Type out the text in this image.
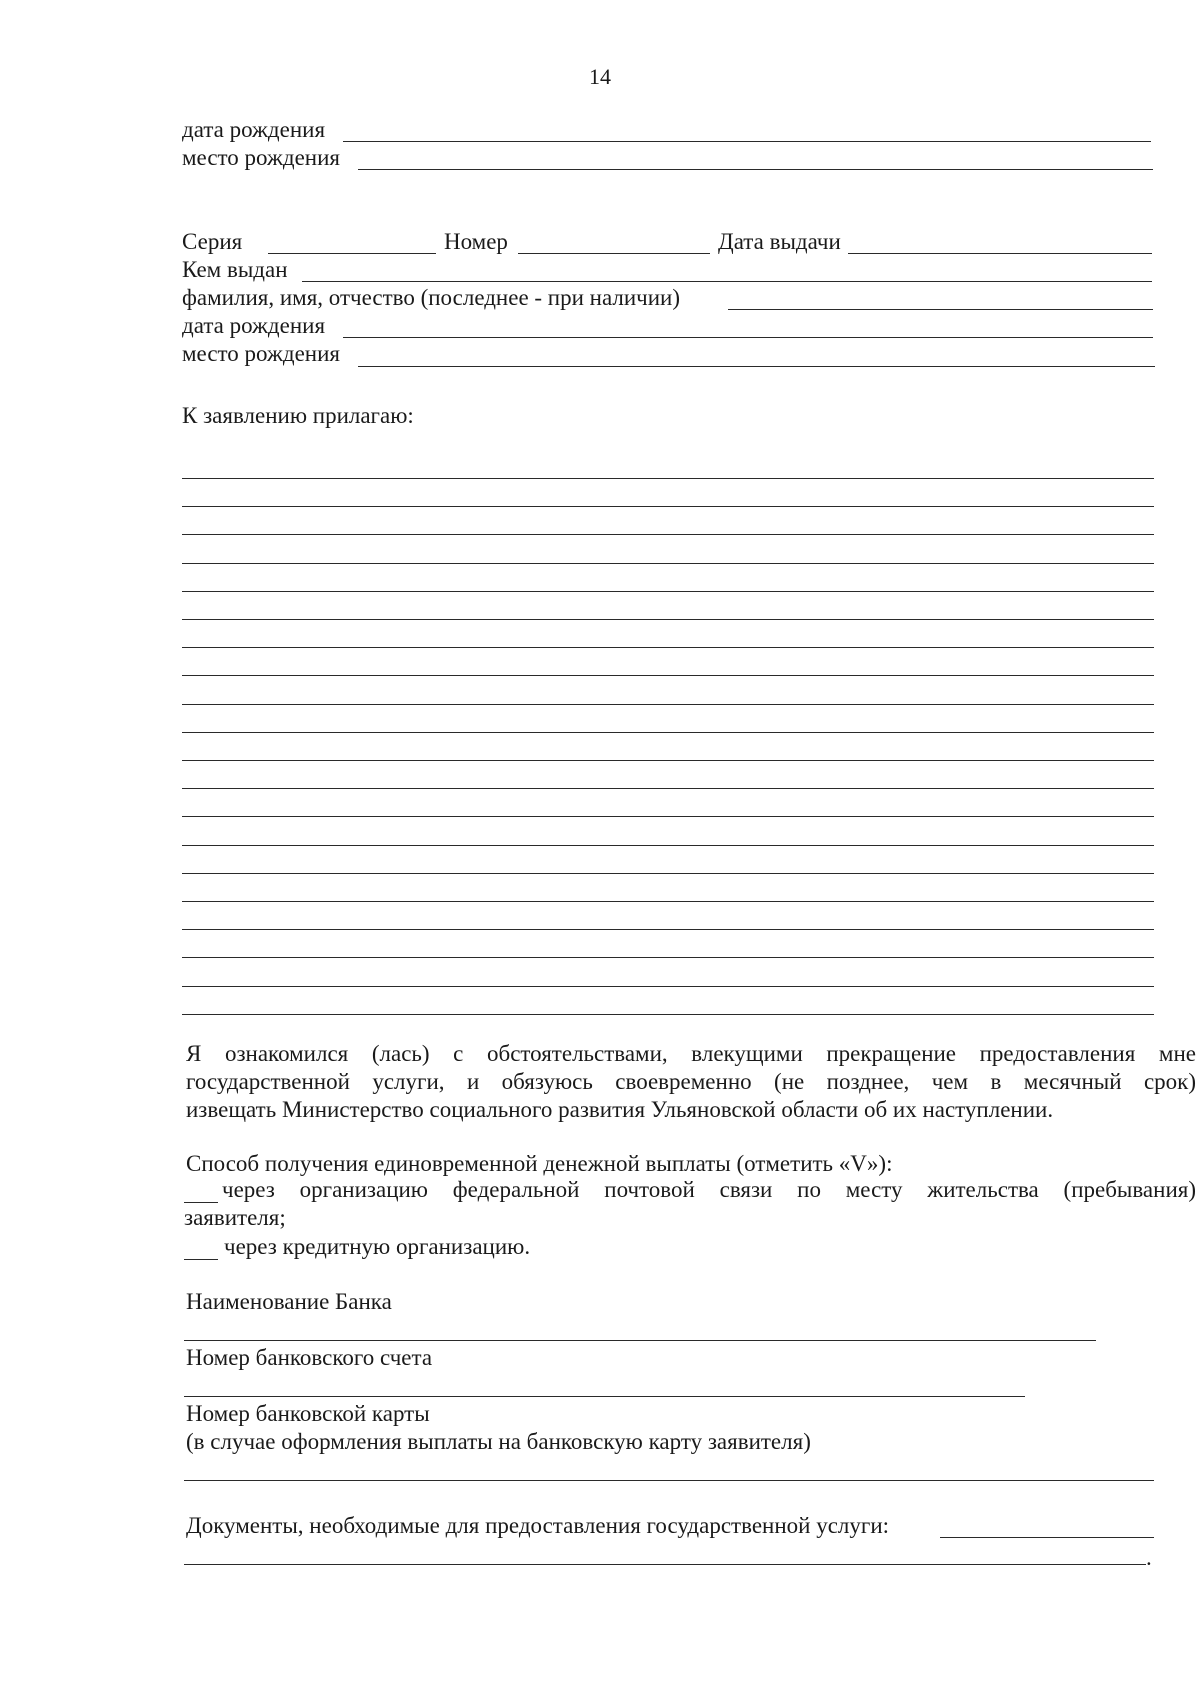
14
дата рождения
место рождения
Серия	Номер	Дата выдачи
Кем выдан
фамилия, имя, отчество (последнее - при наличии)
дата рождения
место рождения
К заявлению прилагаю:
Я ознакомился (лась) с обстоятельствами, влекущими прекращение предоставления мне
государственной услуги, и обязуюсь своевременно (не позднее, чем в месячный срок)
извещать Министерство социального развития Ульяновской области об их наступлении.
Способ получения единовременной денежной выплаты (отметить «V»):
через организацию федеральной почтовой связи по месту жительства (пребывания)
заявителя;
через кредитную организацию.
Наименование Банка
Номер банковского счета
Номер банковской карты
(в случае оформления выплаты на банковскую карту заявителя)
Документы, необходимые для предоставления государственной услуги:
.
